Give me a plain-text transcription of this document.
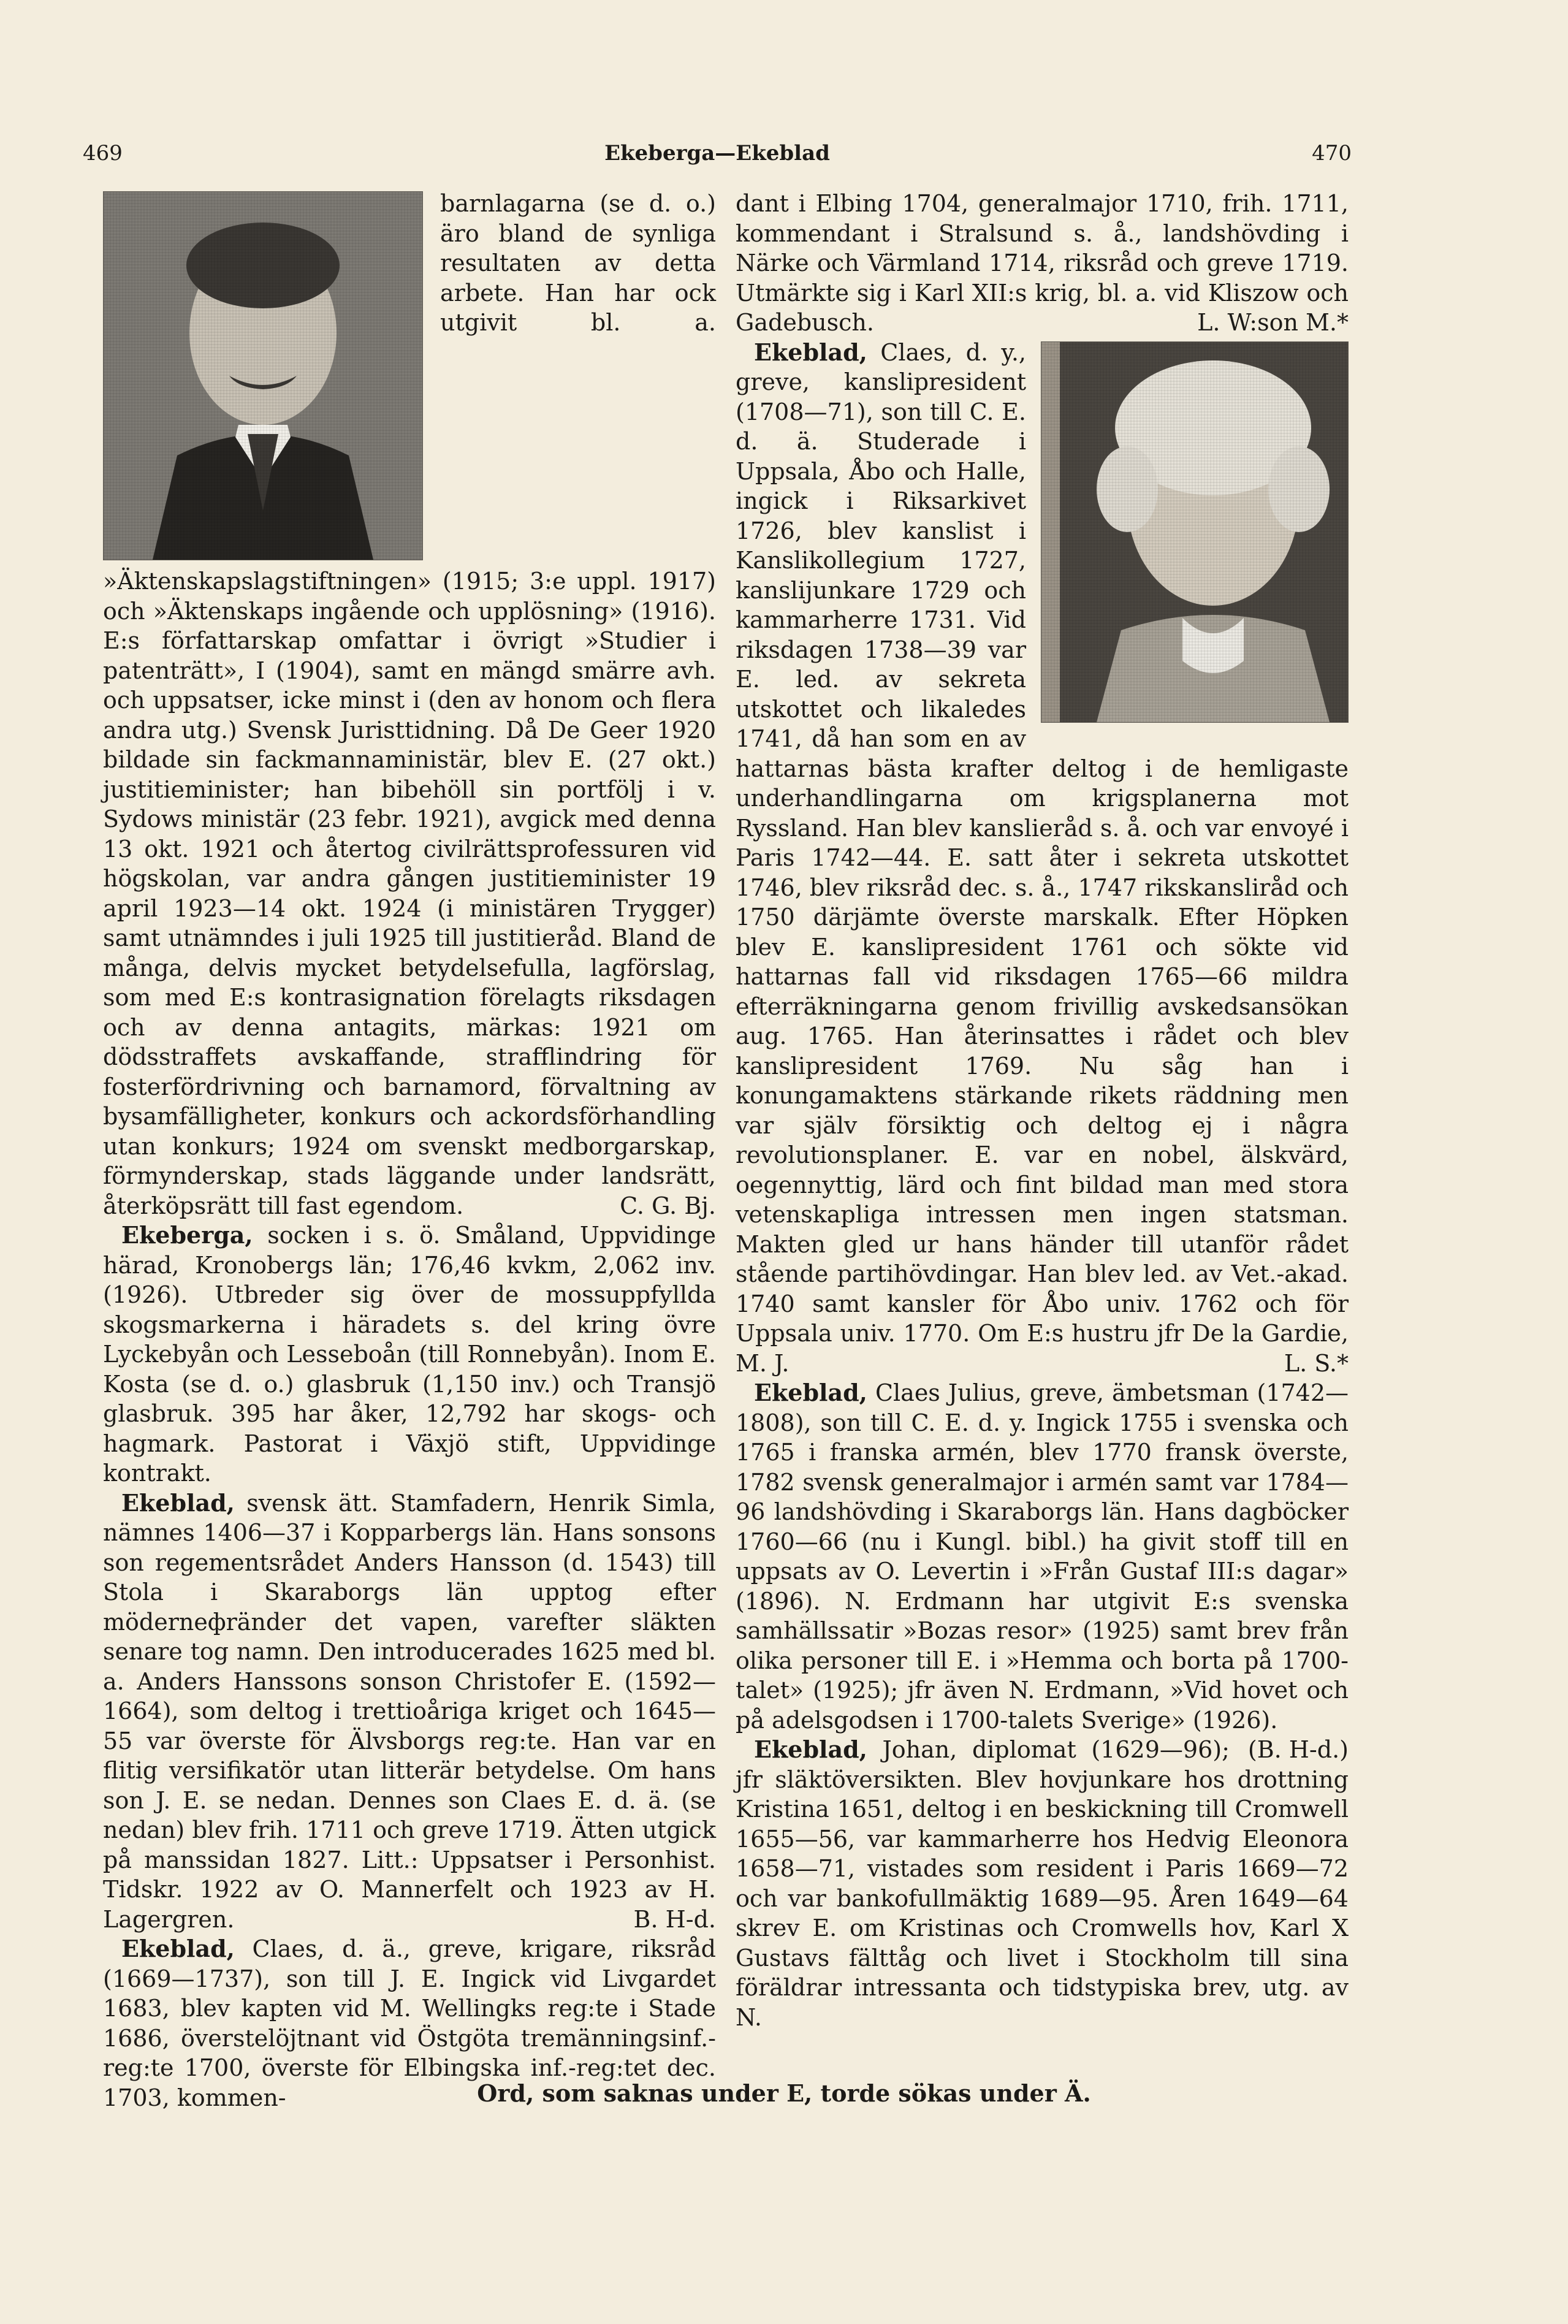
469	Ekeberga—Ekeblad	470

barnlagarna (se d. o.) äro bland de synliga resultaten av detta arbete. Han har ock utgivit bl. a. »Äktenskapslagstiftningen» (1915; 3:e uppl. 1917) och »Äktenskaps ingående och upplösning» (1916). E:s författarskap omfattar i övrigt »Studier i patenträtt», I (1904), samt en mängd smärre avh. och uppsatser, icke minst i (den av honom och flera andra utg.) Svensk Juristtidning. Då De Geer 1920 bildade sin fackmannaministär, blev E. (27 okt.) justitieminister; han bibehöll sin portfölj i v. Sydows ministär (23 febr. 1921), avgick med denna 13 okt. 1921 och återtog civilrättsprofessuren vid högskolan, var andra gången justitieminister 19 april 1923—14 okt. 1924 (i ministären Trygger) samt utnämndes i juli 1925 till justitieråd. Bland de många, delvis mycket betydelsefulla, lagförslag, som med E:s kontrasignation förelagts riksdagen och av denna antagits, märkas: 1921 om dödsstraffets avskaffande, strafflindring för fosterfördrivning och barnamord, förvaltning av bysamfälligheter, konkurs och ackordsförhandling utan konkurs; 1924 om svenskt medborgarskap, förmynderskap, stads läggande under landsrätt, återköpsrätt till fast egendom.	C. G. Bj.

Ekeberga, socken i s. ö. Småland, Uppvidinge härad, Kronobergs län; 176,46 kvkm, 2,062 inv. (1926). Utbreder sig över de mossuppfyllda skogsmarkerna i häradets s. del kring övre Lyckebyån och Lesseboån (till Ronnebyån). Inom E. Kosta (se d. o.) glasbruk (1,150 inv.) och Transjö glasbruk. 395 har åker, 12,792 har skogs- och hagmark. Pastorat i Växjö stift, Uppvidinge kontrakt.

Ekeblad, svensk ätt. Stamfadern, Henrik Simla, nämnes 1406—37 i Kopparbergs län. Hans sonsons son regementsrådet Anders Hansson (d. 1543) till Stola i Skaraborgs län upptog efter möderneфränder det vapen, varefter släkten senare tog namn. Den introducerades 1625 med bl. a. Anders Hanssons sonson Christofer E. (1592—1664), som deltog i trettioåriga kriget och 1645—55 var överste för Älvsborgs reg:te. Han var en flitig versifikatör utan litterär betydelse. Om hans son J. E. se nedan. Dennes son Claes E. d. ä. (se nedan) blev frih. 1711 och greve 1719. Ätten utgick på manssidan 1827. Litt.: Uppsatser i Personhist. Tidskr. 1922 av O. Mannerfelt och 1923 av H. Lagergren.	B. H-d.

Ekeblad, Claes, d. ä., greve, krigare, riksråd (1669—1737), son till J. E. Ingick vid Livgardet 1683, blev kapten vid M. Wellingks reg:te i Stade 1686, överstelöjtnant vid Östgöta tremänningsinf.-reg:te 1700, överste för Elbingska inf.-reg:tet dec. 1703, kommen-

dant i Elbing 1704, generalmajor 1710, frih. 1711, kommendant i Stralsund s. å., landshövding i Närke och Värmland 1714, riksråd och greve 1719. Utmärkte sig i Karl XII:s krig, bl. a. vid Kliszow och Gadebusch.	L. W:son M.*

Ekeblad, Claes, d. y., greve, kanslipresident (1708—71), son till C. E. d. ä. Studerade i Uppsala, Åbo och Halle, ingick i Riksarkivet 1726, blev kanslist i Kanslikollegium 1727, kanslijunkare 1729 och kammarherre 1731. Vid riksdagen 1738—39 var E. led. av sekreta utskottet och likaledes 1741, då han som en av hattarnas bästa krafter deltog i de hemligaste underhandlingarna om krigsplanerna mot Ryssland. Han blev kanslieråd s. å. och var envoyé i Paris 1742—44. E. satt åter i sekreta utskottet 1746, blev riksråd dec. s. å., 1747 rikskansliråd och 1750 därjämte överste marskalk. Efter Höpken blev E. kanslipresident 1761 och sökte vid hattarnas fall vid riksdagen 1765—66 mildra efterräkningarna genom frivillig avskedsansökan aug. 1765. Han återinsattes i rådet och blev kanslipresident 1769. Nu såg han i konungamaktens stärkande rikets räddning men var själv försiktig och deltog ej i några revolutionsplaner. E. var en nobel, älskvärd, oegennyttig, lärd och fint bildad man med stora vetenskapliga intressen men ingen statsman. Makten gled ur hans händer till utanför rådet stående partihövdingar. Han blev led. av Vet.-akad. 1740 samt kansler för Åbo univ. 1762 och för Uppsala univ. 1770. Om E:s hustru jfr De la Gardie, M. J.	L. S.*

Ekeblad, Claes Julius, greve, ämbetsman (1742—1808), son till C. E. d. y. Ingick 1755 i svenska och 1765 i franska armén, blev 1770 fransk överste, 1782 svensk generalmajor i armén samt var 1784—96 landshövding i Skaraborgs län. Hans dagböcker 1760—66 (nu i Kungl. bibl.) ha givit stoff till en uppsats av O. Levertin i »Från Gustaf III:s dagar» (1896). N. Erdmann har utgivit E:s svenska samhällssatir »Bozas resor» (1925) samt brev från olika personer till E. i »Hemma och borta på 1700-talet» (1925); jfr även N. Erdmann, »Vid hovet och på adelsgodsen i 1700-talets Sverige» (1926).
(B. H-d.)

Ekeblad, Johan, diplomat (1629—96); jfr släktöversikten. Blev hovjunkare hos drottning Kristina 1651, deltog i en beskickning till Cromwell 1655—56, var kammarherre hos Hedvig Eleonora 1658—71, vistades som resident i Paris 1669—72 och var bankofullmäktig 1689—95. Åren 1649—64 skrev E. om Kristinas och Cromwells hov, Karl X Gustavs fälttåg och livet i Stockholm till sina föräldrar intressanta och tidstypiska brev, utg. av N.

Ord, som saknas under E, torde sökas under Ä.
